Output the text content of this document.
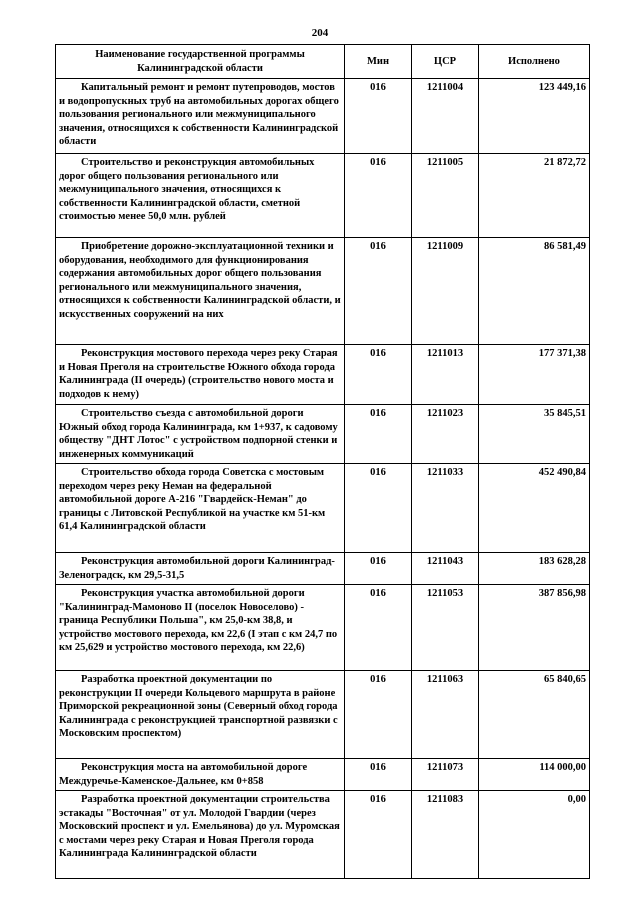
204
Наименование государственной программы Калининградской области	Мин	ЦСР	Исполнено
Капитальный ремонт и ремонт путепроводов, мостов и водопропускных труб на автомобильных дорогах общего пользования регионального или межмуниципального значения, относящихся к собственности Калининградской области	016	1211004	123 449,16
Строительство и реконструкция автомобильных дорог общего пользования регионального или межмуниципального значения, относящихся к собственности Калининградской области, сметной стоимостью менее 50,0 млн. рублей	016	1211005	21 872,72
Приобретение дорожно-эксплуатационной техники и оборудования, необходимого для функционирования содержания автомобильных дорог общего пользования регионального или межмуниципального значения, относящихся к собственности Калининградской области, и искусственных сооружений на них	016	1211009	86 581,49
Реконструкция мостового перехода через реку Старая и Новая Преголя на строительстве Южного обхода города Калининграда (II очередь) (строительство нового моста и подходов к нему)	016	1211013	177 371,38
Строительство съезда с автомобильной дороги Южный обход города Калининграда, км 1+937, к садовому обществу "ДНТ Лотос" с устройством подпорной стенки и инженерных коммуникаций	016	1211023	35 845,51
Строительство обхода города Советска с мостовым переходом через реку Неман на федеральной автомобильной дороге А-216 "Гвардейск-Неман" до границы с Литовской Республикой на участке км 51-км 61,4 Калининградской области	016	1211033	452 490,84
Реконструкция автомобильной дороги Калининград-Зеленоградск, км 29,5-31,5	016	1211043	183 628,28
Реконструкция участка автомобильной дороги "Калининград-Мамоново II (поселок Новоселово) - граница Республики Польша", км 25,0-км 38,8, и устройство мостового перехода, км 22,6 (I этап с км 24,7 по км 25,629 и устройство мостового перехода, км 22,6)	016	1211053	387 856,98
Разработка проектной документации по реконструкции II очереди Кольцевого маршрута в районе Приморской рекреационной зоны (Северный обход города Калининграда с реконструкцией транспортной развязки с Московским проспектом)	016	1211063	65 840,65
Реконструкция моста на автомобильной дороге Междуречье-Каменское-Дальнее, км 0+858	016	1211073	114 000,00
Разработка проектной документации строительства эстакады "Восточная" от ул. Молодой Гвардии (через Московский проспект и ул. Емельянова) до ул. Муромская с мостами через реку Старая и Новая Преголя города Калининграда Калининградской области	016	1211083	0,00
